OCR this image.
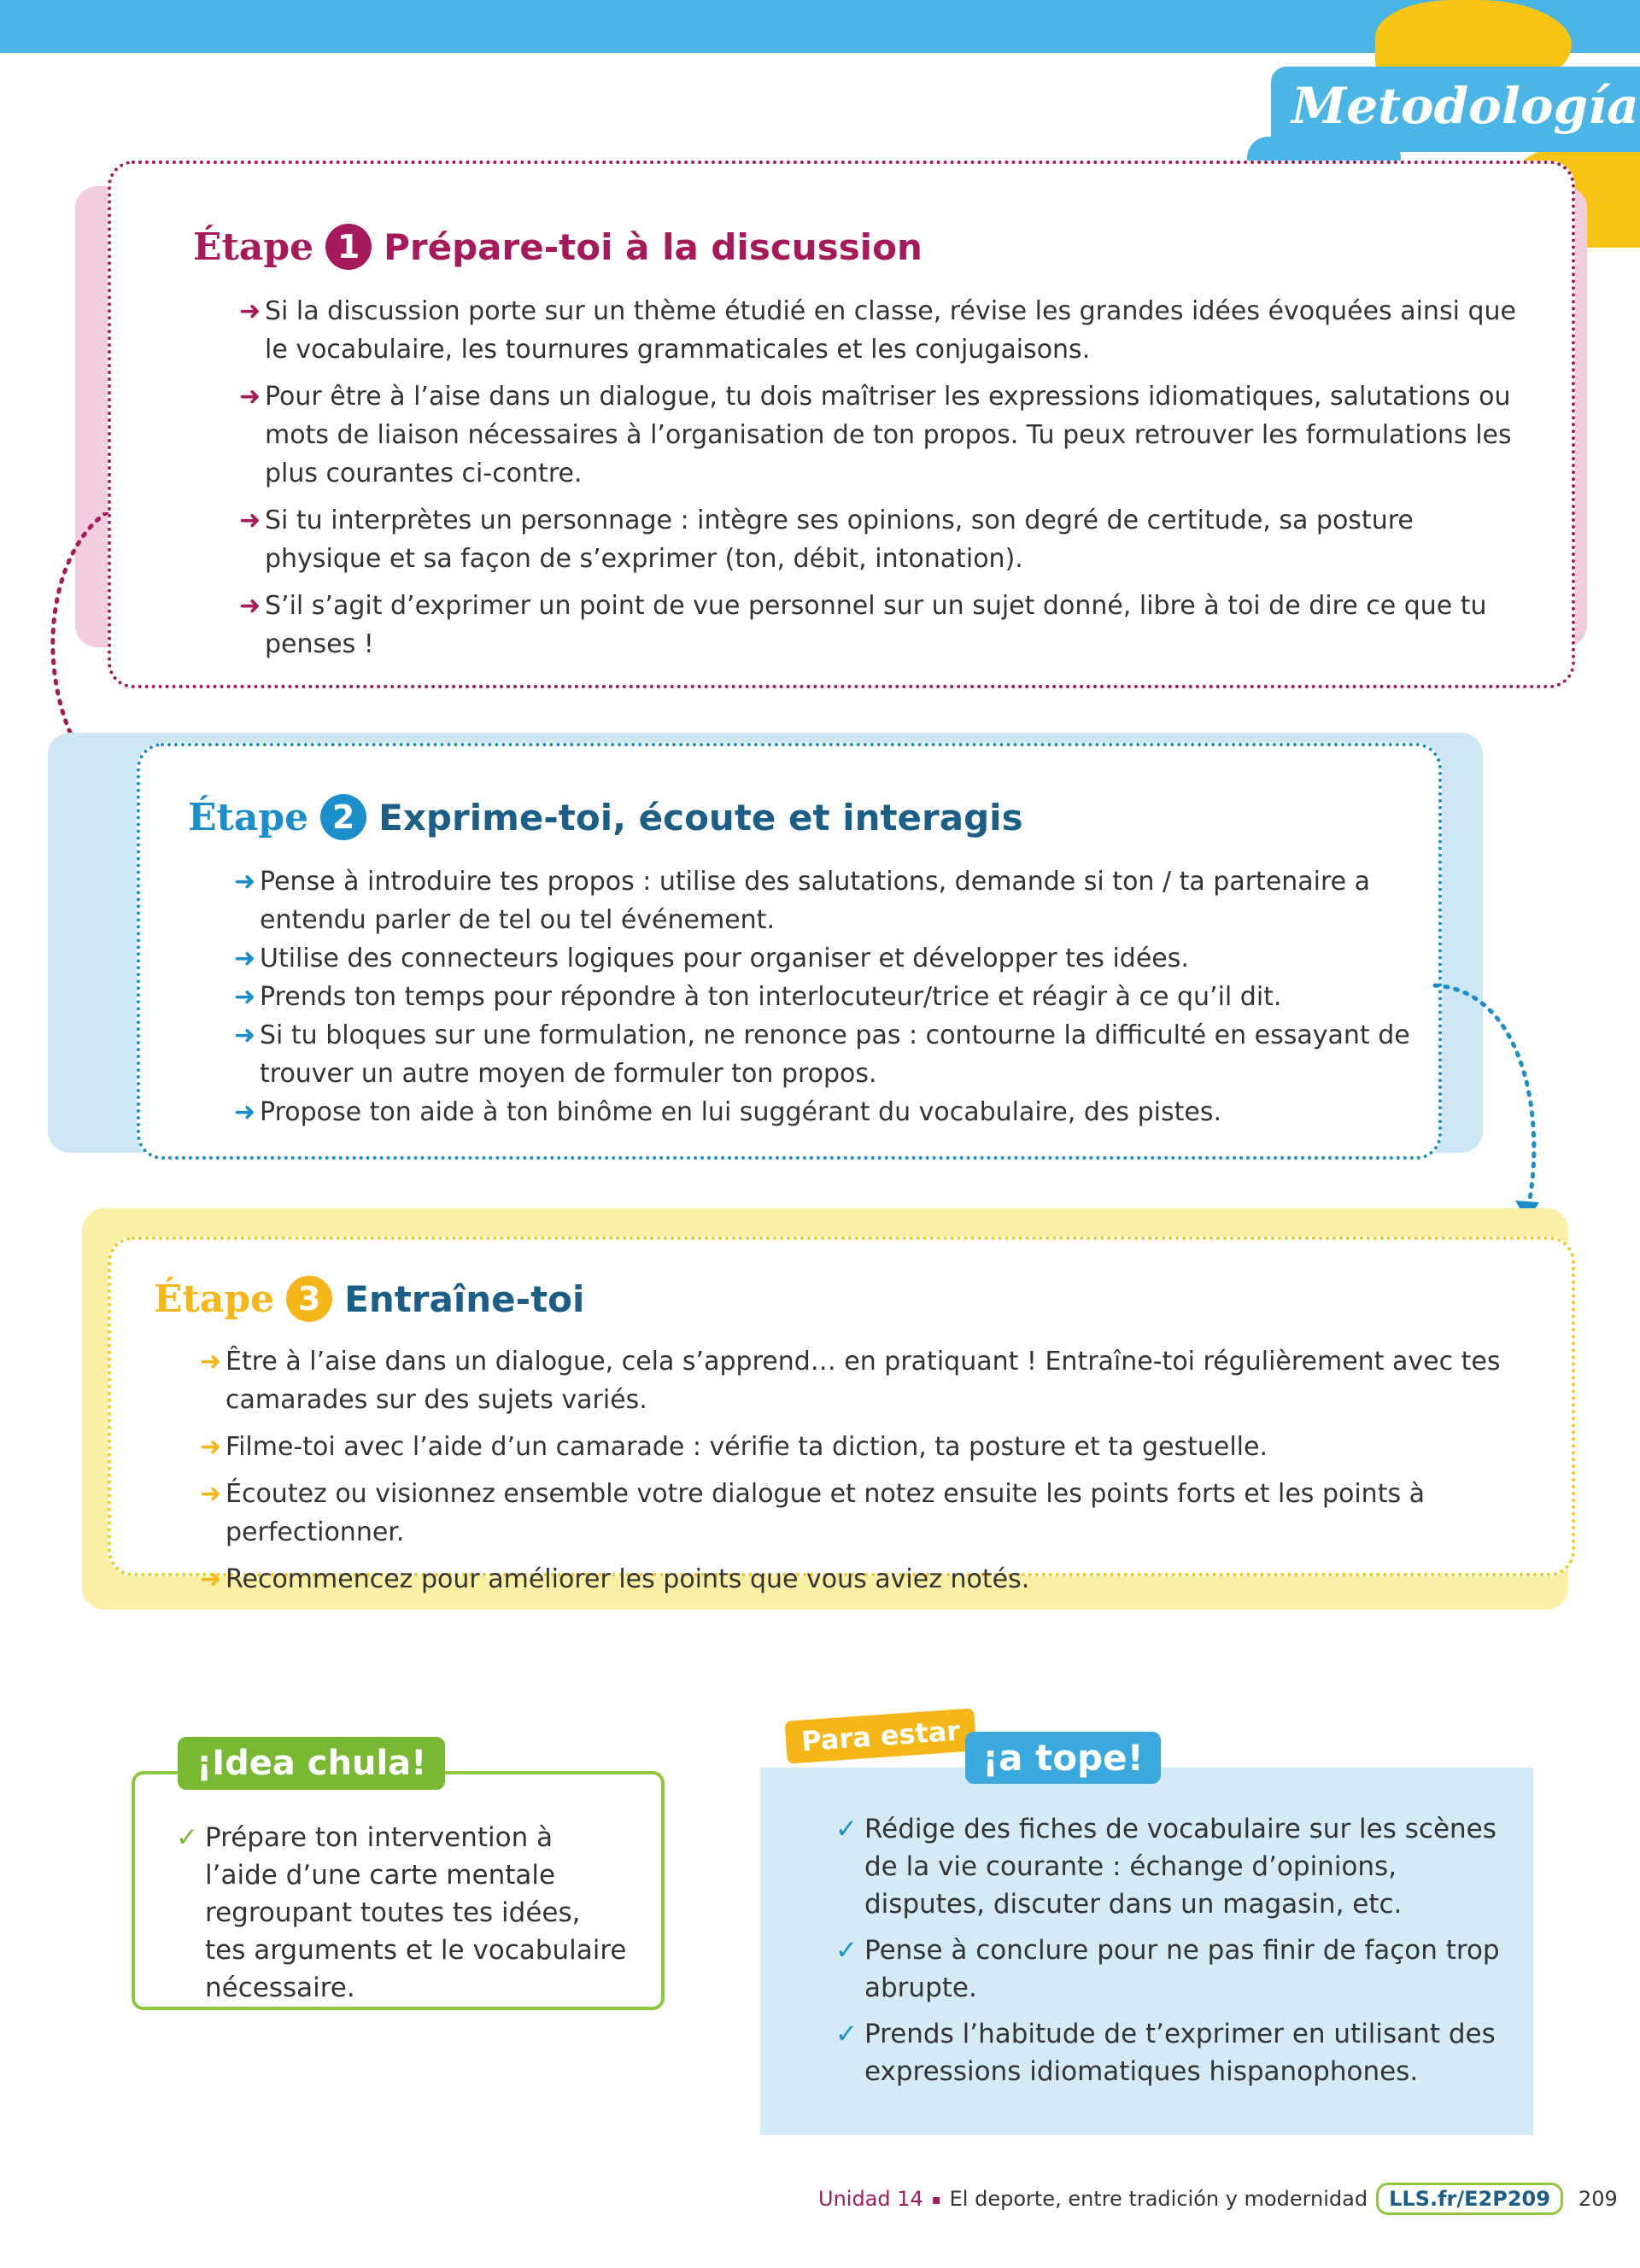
Metodología
Étape 1 Prépare-toi à la discussion
➜ Si la discussion porte sur un thème étudié en classe, révise les grandes idées évoquées ainsi que le vocabulaire, les tournures grammaticales et les conjugaisons.
➜ Pour être à l’aise dans un dialogue, tu dois maîtriser les expressions idiomatiques, salutations ou mots de liaison nécessaires à l’organisation de ton propos. Tu peux retrouver les formulations les plus courantes ci-contre.
➜ Si tu interprètes un personnage : intègre ses opinions, son degré de certitude, sa posture physique et sa façon de s’exprimer (ton, débit, intonation).
➜ S’il s’agit d’exprimer un point de vue personnel sur un sujet donné, libre à toi de dire ce que tu penses !
Étape 2 Exprime-toi, écoute et interagis
➜ Pense à introduire tes propos : utilise des salutations, demande si ton / ta partenaire a entendu parler de tel ou tel événement.
➜ Utilise des connecteurs logiques pour organiser et développer tes idées.
➜ Prends ton temps pour répondre à ton interlocuteur/trice et réagir à ce qu’il dit.
➜ Si tu bloques sur une formulation, ne renonce pas : contourne la difficulté en essayant de trouver un autre moyen de formuler ton propos.
➜ Propose ton aide à ton binôme en lui suggérant du vocabulaire, des pistes.
Étape 3 Entraîne-toi
➜ Être à l’aise dans un dialogue, cela s’apprend… en pratiquant ! Entraîne-toi régulièrement avec tes camarades sur des sujets variés.
➜ Filme-toi avec l’aide d’un camarade : vérifie ta diction, ta posture et ta gestuelle.
➜ Écoutez ou visionnez ensemble votre dialogue et notez ensuite les points forts et les points à perfectionner.
➜ Recommencez pour améliorer les points que vous aviez notés.
✓ Prépare ton intervention à l’aide d’une carte mentale regroupant toutes tes idées, tes arguments et le vocabulaire nécessaire.
¡Idea chula!
✓ Rédige des fiches de vocabulaire sur les scènes de la vie courante : échange d’opinions, disputes, discuter dans un magasin, etc.
✓ Pense à conclure pour ne pas finir de façon trop abrupte.
✓ Prends l’habitude de t’exprimer en utilisant des expressions idiomatiques hispanophones.
Para estar
¡a tope!
Unidad 14 ▪ El deporte, entre tradición y modernidad	LLS.fr/E2P209	209
